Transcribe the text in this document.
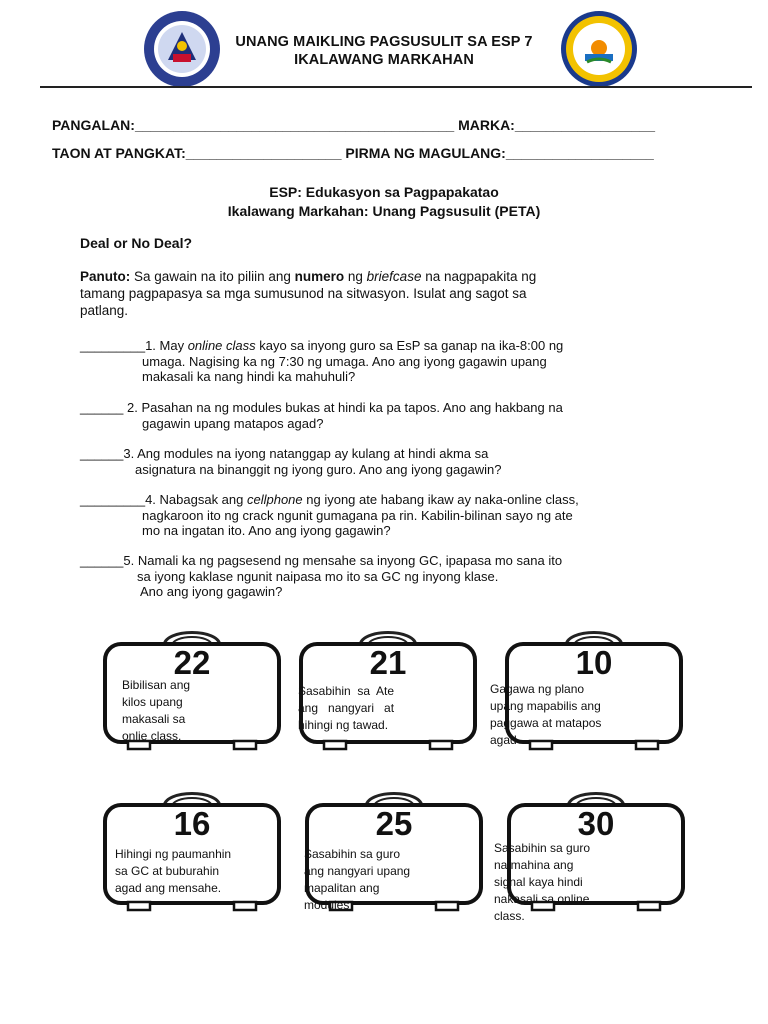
UNANG MAIKLING PAGSUSULIT SA ESP 7
IKALAWANG MARKAHAN
PANGALAN:_________________________________________ MARKA:__________________
TAON AT PANGKAT:____________________ PIRMA NG MAGULANG:___________________
ESP: Edukasyon sa Pagpapakatao
Ikalawang Markahan: Unang Pagsusulit (PETA)
Deal or No Deal?
Panuto: Sa gawain na ito piliin ang numero ng briefcase na nagpapakita ng
tamang pagpapasya sa mga sumusunod na sitwasyon. Isulat ang sagot sa
patlang.
_________1. May online class kayo sa inyong guro sa EsP sa ganap na ika-8:00 ng
umaga. Nagising ka ng 7:30 ng umaga. Ano ang iyong gagawin upang
makasali ka nang hindi ka mahuhuli?
______ 2. Pasahan na ng modules bukas at hindi ka pa tapos. Ano ang hakbang na
gagawin upang matapos agad?
______3. Ang modules na iyong natanggap ay kulang at hindi akma sa
asignatura na binanggit ng iyong guro. Ano ang iyong gagawin?
_________4. Nabagsak ang cellphone ng iyong ate habang ikaw ay naka-online class,
nagkaroon ito ng crack ngunit gumagana pa rin. Kabilin-bilinan sayo ng ate
mo na ingatan ito. Ano ang iyong gagawin?
______5. Namali ka ng pagsesend ng mensahe sa inyong GC, ipapasa mo sana ito
sa iyong kaklase ngunit naipasa mo ito sa GC ng inyong klase.
Ano ang iyong gagawin?
22
Bibilisan ang
kilos upang
makasali sa
onlie class.
21
Sasabihin  sa  Ate
ang   nangyari   at
hihingi ng tawad.
10
Gagawa ng plano
upang mapabilis ang
paggawa at matapos
agad
16
Hihingi ng paumanhin
sa GC at buburahin
agad ang mensahe.
25
Sasabihin sa guro
ang nangyari upang
mapalitan ang
modules
30
Sasabihin sa guro
na mahina ang
signal kaya hindi
nakasali sa online
class.
